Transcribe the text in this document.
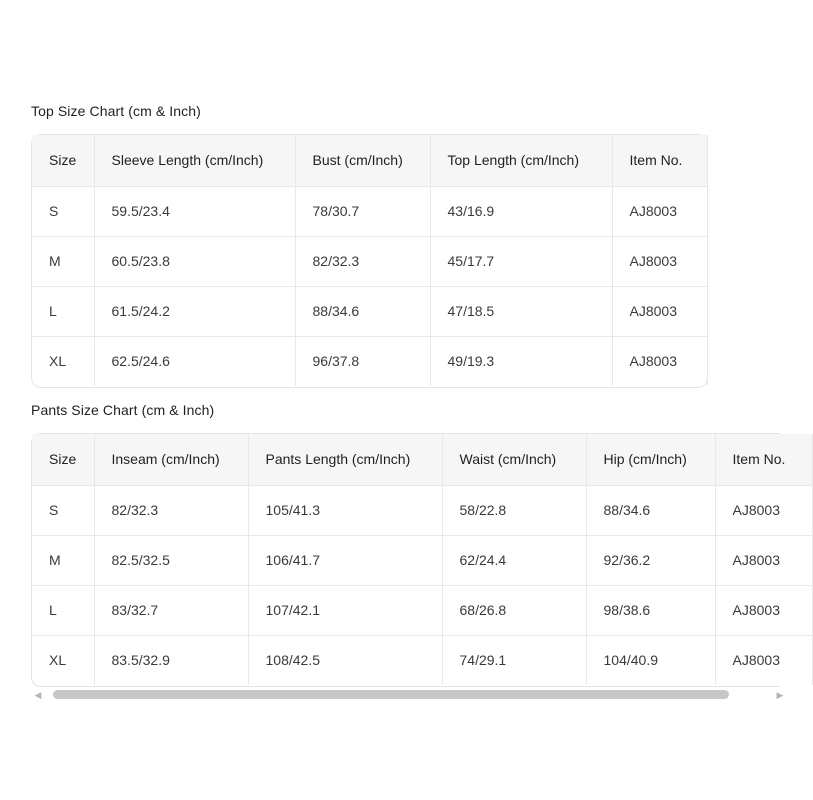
Top Size Chart (cm & Inch)
Size	Sleeve Length (cm/Inch)	Bust (cm/Inch)	Top Length (cm/Inch)	Item No.
S	59.5/23.4	78/30.7	43/16.9	AJ8003
M	60.5/23.8	82/32.3	45/17.7	AJ8003
L	61.5/24.2	88/34.6	47/18.5	AJ8003
XL	62.5/24.6	96/37.8	49/19.3	AJ8003
Pants Size Chart (cm & Inch)
Size	Inseam (cm/Inch)	Pants Length (cm/Inch)	Waist (cm/Inch)	Hip (cm/Inch)	Item No.
S	82/32.3	105/41.3	58/22.8	88/34.6	AJ8003
M	82.5/32.5	106/41.7	62/24.4	92/36.2	AJ8003
L	83/32.7	107/42.1	68/26.8	98/38.6	AJ8003
XL	83.5/32.9	108/42.5	74/29.1	104/40.9	AJ8003
◀	▶
